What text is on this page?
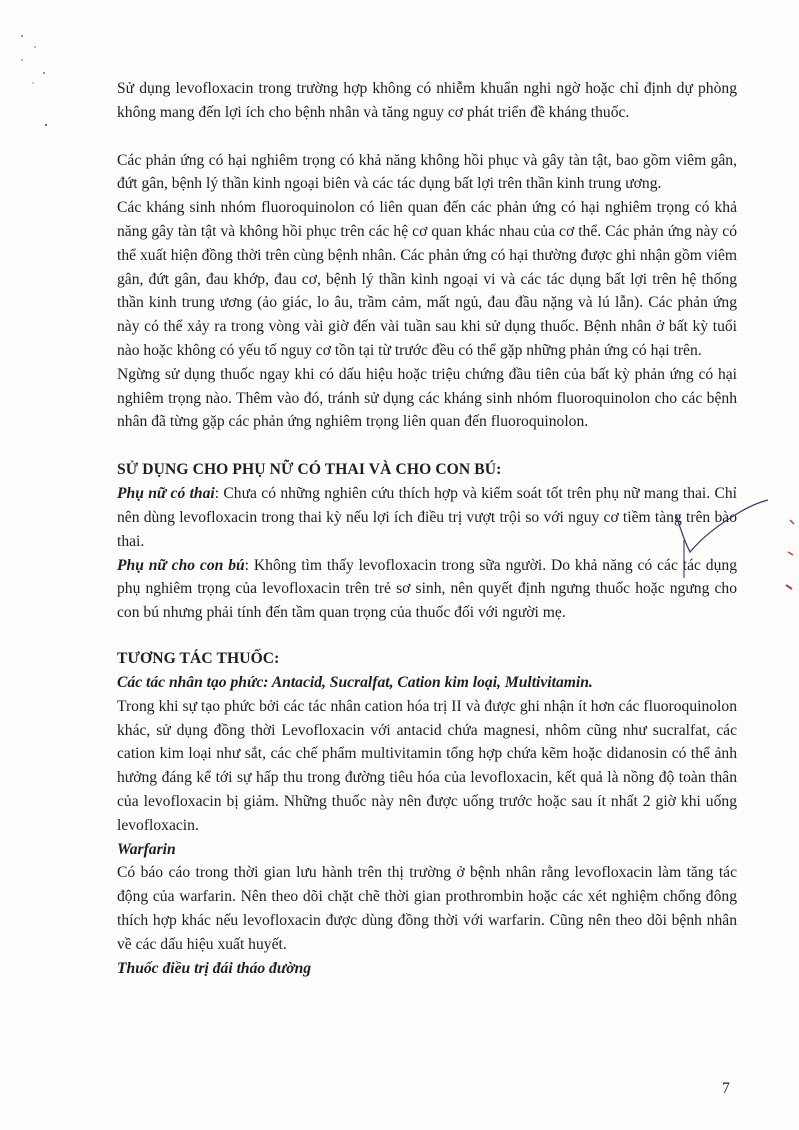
Sử dụng levofloxacin trong trường hợp không có nhiễm khuẩn nghi ngờ hoặc chỉ định dự phòng không mang đến lợi ích cho bệnh nhân và tăng nguy cơ phát triển đề kháng thuốc.

Các phản ứng có hại nghiêm trọng có khả năng không hồi phục và gây tàn tật, bao gồm viêm gân, đứt gân, bệnh lý thần kinh ngoại biên và các tác dụng bất lợi trên thần kinh trung ương.

Các kháng sinh nhóm fluoroquinolon có liên quan đến các phản ứng có hại nghiêm trọng có khả năng gây tàn tật và không hồi phục trên các hệ cơ quan khác nhau của cơ thể. Các phản ứng này có thể xuất hiện đồng thời trên cùng bệnh nhân. Các phản ứng có hại thường được ghi nhận gồm viêm gân, đứt gân, đau khớp, đau cơ, bệnh lý thần kinh ngoại vi và các tác dụng bất lợi trên hệ thống thần kinh trung ương (ảo giác, lo âu, trầm cảm, mất ngủ, đau đầu nặng và lú lẫn). Các phản ứng này có thể xảy ra trong vòng vài giờ đến vài tuần sau khi sử dụng thuốc. Bệnh nhân ở bất kỳ tuổi nào hoặc không có yếu tố nguy cơ tồn tại từ trước đều có thể gặp những phản ứng có hại trên.

Ngừng sử dụng thuốc ngay khi có dấu hiệu hoặc triệu chứng đầu tiên của bất kỳ phản ứng có hại nghiêm trọng nào. Thêm vào đó, tránh sử dụng các kháng sinh nhóm fluoroquinolon cho các bệnh nhân đã từng gặp các phản ứng nghiêm trọng liên quan đến fluoroquinolon.

SỬ DỤNG CHO PHỤ NỮ CÓ THAI VÀ CHO CON BÚ:

Phụ nữ có thai: Chưa có những nghiên cứu thích hợp và kiểm soát tốt trên phụ nữ mang thai. Chỉ nên dùng levofloxacin trong thai kỳ nếu lợi ích điều trị vượt trội so với nguy cơ tiềm tàng trên bào thai.

Phụ nữ cho con bú: Không tìm thấy levofloxacin trong sữa người. Do khả năng có các tác dụng phụ nghiêm trọng của levofloxacin trên trẻ sơ sinh, nên quyết định ngưng thuốc hoặc ngưng cho con bú nhưng phải tính đến tầm quan trọng của thuốc đối với người mẹ.

TƯƠNG TÁC THUỐC:

Các tác nhân tạo phức: Antacid, Sucralfat, Cation kim loại, Multivitamin.

Trong khi sự tạo phức bởi các tác nhân cation hóa trị II và được ghi nhận ít hơn các fluoroquinolon khác, sử dụng đồng thời Levofloxacin với antacid chứa magnesi, nhôm cũng như sucralfat, các cation kim loại như sắt, các chế phẩm multivitamin tổng hợp chứa kẽm hoặc didanosin có thể ảnh hưởng đáng kể tới sự hấp thu trong đường tiêu hóa của levofloxacin, kết quả là nồng độ toàn thân của levofloxacin bị giảm. Những thuốc này nên được uống trước hoặc sau ít nhất 2 giờ khi uống levofloxacin.

Warfarin

Có báo cáo trong thời gian lưu hành trên thị trường ở bệnh nhân rằng levofloxacin làm tăng tác động của warfarin. Nên theo dõi chặt chẽ thời gian prothrombin hoặc các xét nghiệm chống đông thích hợp khác nếu levofloxacin được dùng đồng thời với warfarin. Cũng nên theo dõi bệnh nhân về các dấu hiệu xuất huyết.

Thuốc điều trị đái tháo đường

7
